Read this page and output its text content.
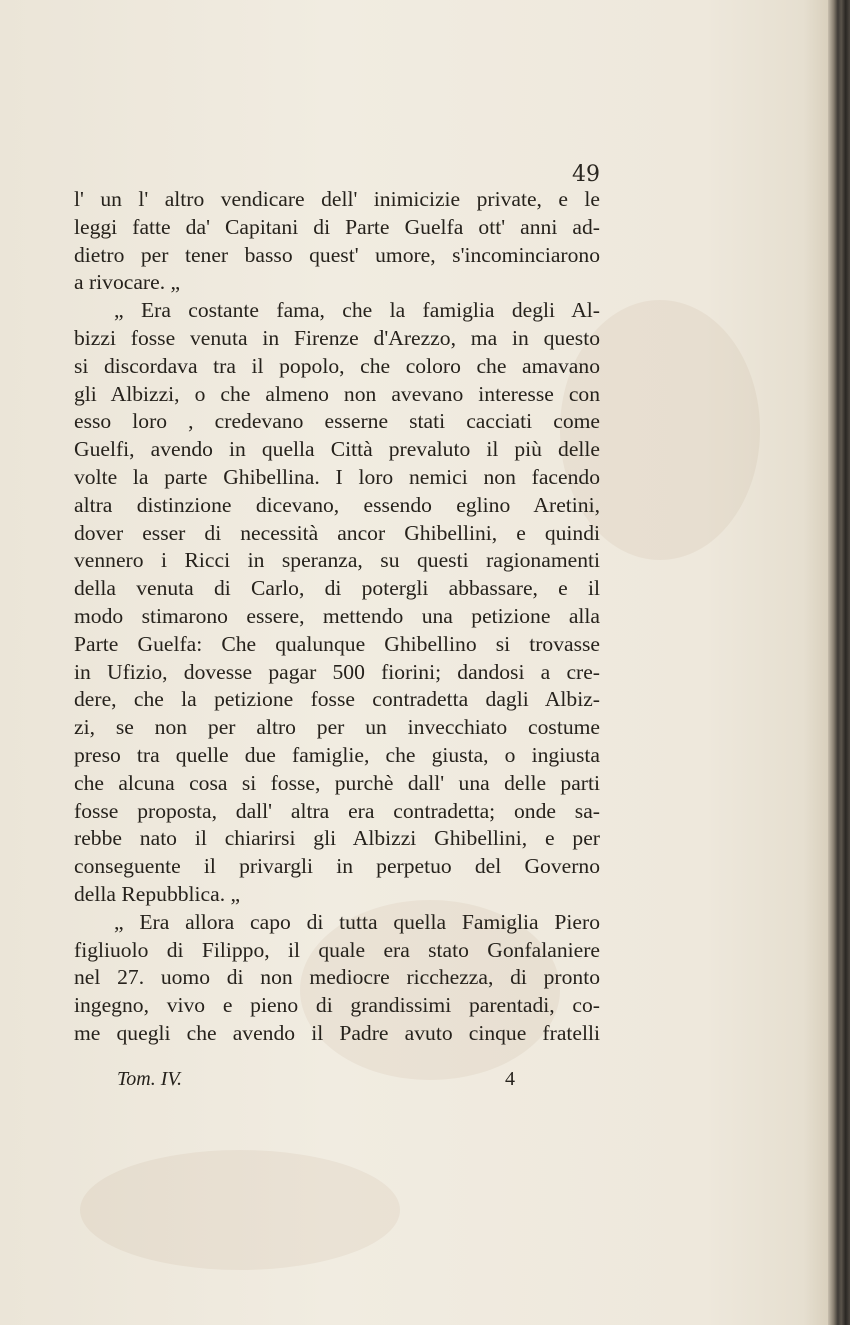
49
l' un l' altro vendicare dell' inimicizie private, e le
leggi fatte da' Capitani di Parte Guelfa ott' anni ad-
dietro per tener basso quest' umore, s'incominciarono
a rivocare. „
„ Era costante fama, che la famiglia degli Al-
bizzi fosse venuta in Firenze d'Arezzo, ma in questo
si discordava tra il popolo, che coloro che amavano
gli Albizzi, o che almeno non avevano interesse con
esso loro , credevano esserne stati cacciati come
Guelfi, avendo in quella Città prevaluto il più delle
volte la parte Ghibellina. I loro nemici non facendo
altra distinzione dicevano, essendo eglino Aretini,
dover esser di necessità ancor Ghibellini, e quindi
vennero i Ricci in speranza, su questi ragionamenti
della venuta di Carlo, di potergli abbassare, e il
modo stimarono essere, mettendo una petizione alla
Parte Guelfa: Che qualunque Ghibellino si trovasse
in Ufizio, dovesse pagar 500 fiorini; dandosi a cre-
dere, che la petizione fosse contradetta dagli Albiz-
zi, se non per altro per un invecchiato costume
preso tra quelle due famiglie, che giusta, o ingiusta
che alcuna cosa si fosse, purchè dall' una delle parti
fosse proposta, dall' altra era contradetta; onde sa-
rebbe nato il chiarirsi gli Albizzi Ghibellini, e per
conseguente il privargli in perpetuo del Governo
della Repubblica. „
„ Era allora capo di tutta quella Famiglia Piero
figliuolo di Filippo, il quale era stato Gonfalaniere
nel 27. uomo di non mediocre ricchezza, di pronto
ingegno, vivo e pieno di grandissimi parentadi, co-
me quegli che avendo il Padre avuto cinque fratelli
Tom. IV.	4
